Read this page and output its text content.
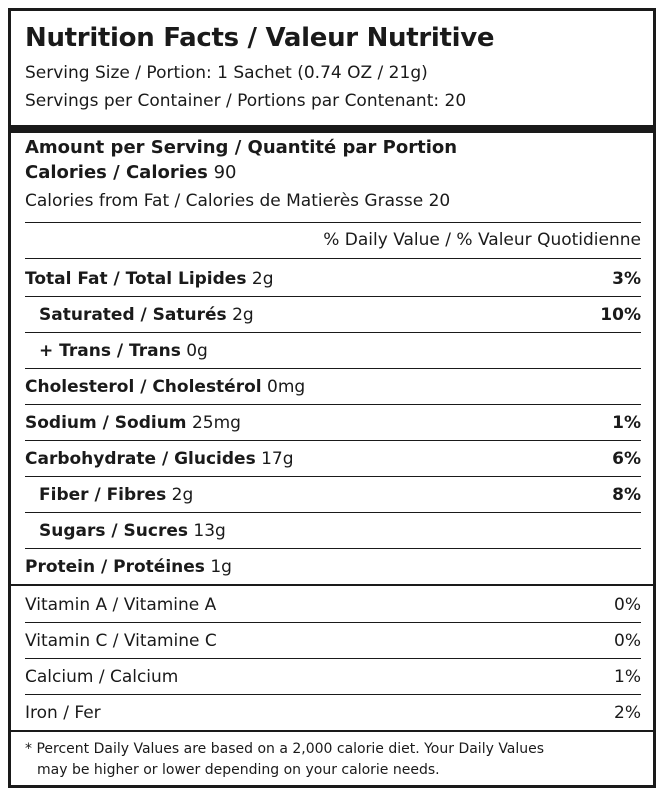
Nutrition Facts / Valeur Nutritive
Serving Size / Portion: 1 Sachet (0.74 OZ / 21g)
Servings per Container / Portions par Contenant: 20
Amount per Serving / Quantité par Portion
Calories / Calories 90
Calories from Fat / Calories de Matierès Grasse 20
% Daily Value / % Valeur Quotidienne
Total Fat / Total Lipides 2g	3%
Saturated / Saturés 2g	10%
+ Trans / Trans 0g
Cholesterol / Cholestérol 0mg
Sodium / Sodium 25mg	1%
Carbohydrate / Glucides 17g	6%
Fiber / Fibres 2g	8%
Sugars / Sucres 13g
Protein / Protéines 1g
Vitamin A / Vitamine A	0%
Vitamin C / Vitamine C	0%
Calcium / Calcium	1%
Iron / Fer	2%
* Percent Daily Values are based on a 2,000 calorie diet. Your Daily Values
may be higher or lower depending on your calorie needs.
